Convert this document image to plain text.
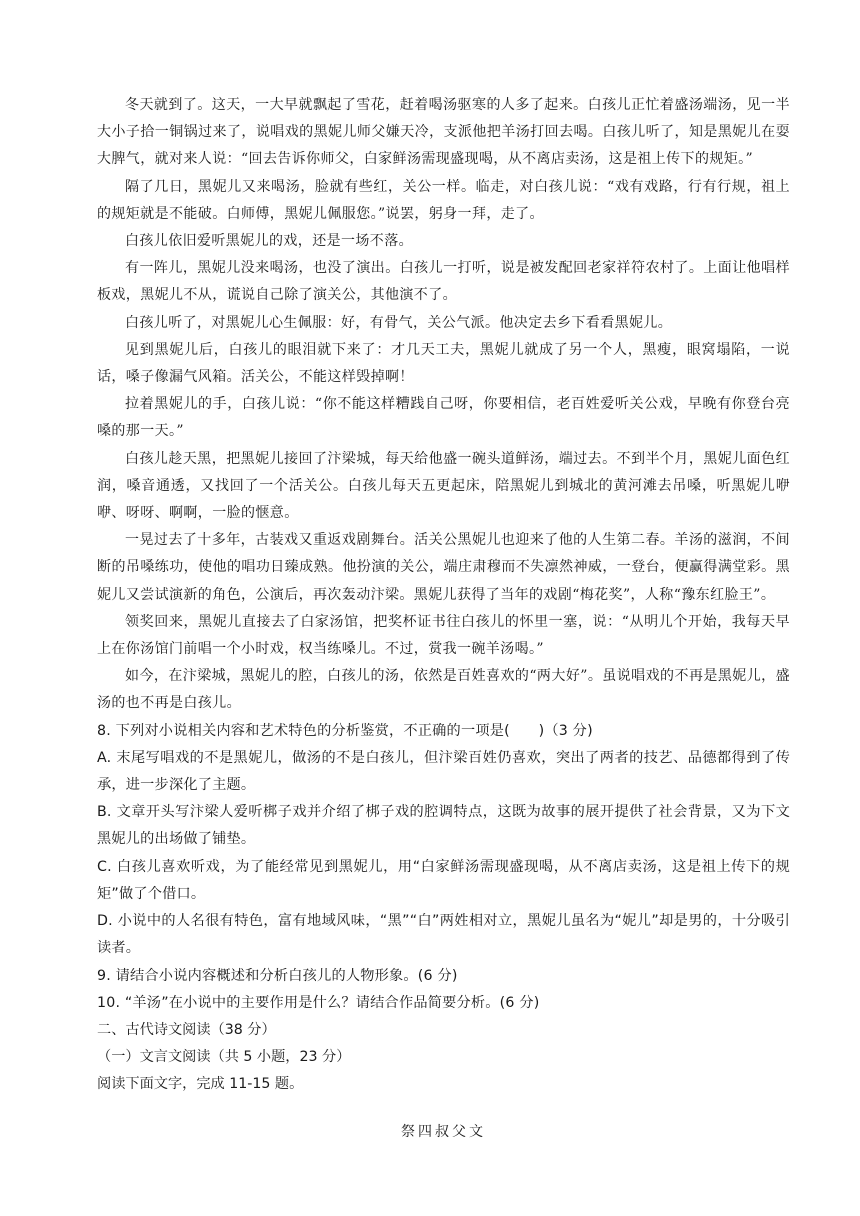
冬天就到了。这天，一大早就飘起了雪花，赶着喝汤驱寒的人多了起来。白孩儿正忙着盛汤端汤，见一半大小子拾一铜锅过来了，说唱戏的黑妮儿师父嫌天冷，支派他把羊汤打回去喝。白孩儿听了，知是黑妮儿在耍大脾气，就对来人说：“回去告诉你师父，白家鲜汤需现盛现喝，从不离店卖汤，这是祖上传下的规矩。”

隔了几日，黑妮儿又来喝汤，脸就有些红，关公一样。临走，对白孩儿说：“戏有戏路，行有行规，祖上的规矩就是不能破。白师傅，黑妮儿佩服您。”说罢，躬身一拜，走了。

白孩儿依旧爱听黑妮儿的戏，还是一场不落。

有一阵儿，黑妮儿没来喝汤，也没了演出。白孩儿一打听，说是被发配回老家祥符农村了。上面让他唱样板戏，黑妮儿不从，谎说自己除了演关公，其他演不了。

白孩儿听了，对黑妮儿心生佩服：好，有骨气，关公气派。他决定去乡下看看黑妮儿。

见到黑妮儿后，白孩儿的眼泪就下来了：才几天工夫，黑妮儿就成了另一个人，黑瘦，眼窝塌陷，一说话，嗓子像漏气风箱。活关公，不能这样毁掉啊！

拉着黑妮儿的手，白孩儿说：“你不能这样糟践自己呀，你要相信，老百姓爱听关公戏，早晚有你登台亮嗓的那一天。”

白孩儿趁天黑，把黑妮儿接回了汴梁城，每天给他盛一碗头道鲜汤，端过去。不到半个月，黑妮儿面色红润，嗓音通透，又找回了一个活关公。白孩儿每天五更起床，陪黑妮儿到城北的黄河滩去吊嗓，听黑妮儿咿咿、呀呀、啊啊，一脸的惬意。

一晃过去了十多年，古装戏又重返戏剧舞台。活关公黑妮儿也迎来了他的人生第二春。羊汤的滋润，不间断的吊嗓练功，使他的唱功日臻成熟。他扮演的关公，端庄肃穆而不失凛然神威，一登台，便赢得满堂彩。黑妮儿又尝试演新的角色，公演后，再次轰动汴梁。黑妮儿获得了当年的戏剧“梅花奖”，人称“豫东红脸王”。

领奖回来，黑妮儿直接去了白家汤馆，把奖杯证书往白孩儿的怀里一塞，说：“从明儿个开始，我每天早上在你汤馆门前唱一个小时戏，权当练嗓儿。不过，赏我一碗羊汤喝。”

如今，在汴梁城，黑妮儿的腔，白孩儿的汤，依然是百姓喜欢的“两大好”。虽说唱戏的不再是黑妮儿，盛汤的也不再是白孩儿。

8. 下列对小说相关内容和艺术特色的分析鉴赏，不正确的一项是(　　)（3 分)

A. 末尾写唱戏的不是黑妮儿，做汤的不是白孩儿，但汴梁百姓仍喜欢，突出了两者的技艺、品德都得到了传承，进一步深化了主题。

B. 文章开头写汴梁人爱听梆子戏并介绍了梆子戏的腔调特点，这既为故事的展开提供了社会背景，又为下文黑妮儿的出场做了铺垫。

C. 白孩儿喜欢听戏，为了能经常见到黑妮儿，用“白家鲜汤需现盛现喝，从不离店卖汤，这是祖上传下的规矩”做了个借口。

D. 小说中的人名很有特色，富有地域风味，“黑”“白”两姓相对立，黑妮儿虽名为“妮儿”却是男的，十分吸引读者。

9. 请结合小说内容概述和分析白孩儿的人物形象。(6 分)

10. “羊汤”在小说中的主要作用是什么？请结合作品简要分析。(6 分)

二、古代诗文阅读（38 分）

（一）文言文阅读（共 5 小题，23 分）

阅读下面文字，完成 11-15 题。

祭四叔父文
